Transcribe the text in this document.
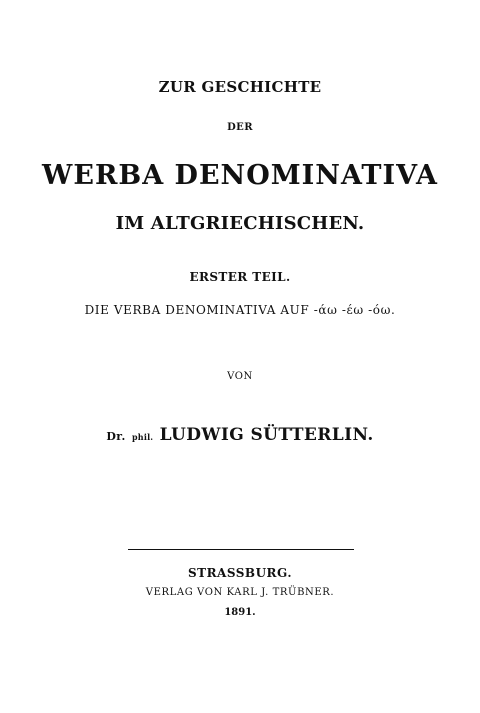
ZUR GESCHICHTE
DER
WERBA DENOMINATIVA
IM ALTGRIECHISCHEN.
ERSTER TEIL.
DIE VERBA DENOMINATIVA AUF -άω -έω -όω.
VON
Dr. phil. LUDWIG SÜTTERLIN.
STRASSBURG.
VERLAG VON KARL J. TRÜBNER.
1891.
